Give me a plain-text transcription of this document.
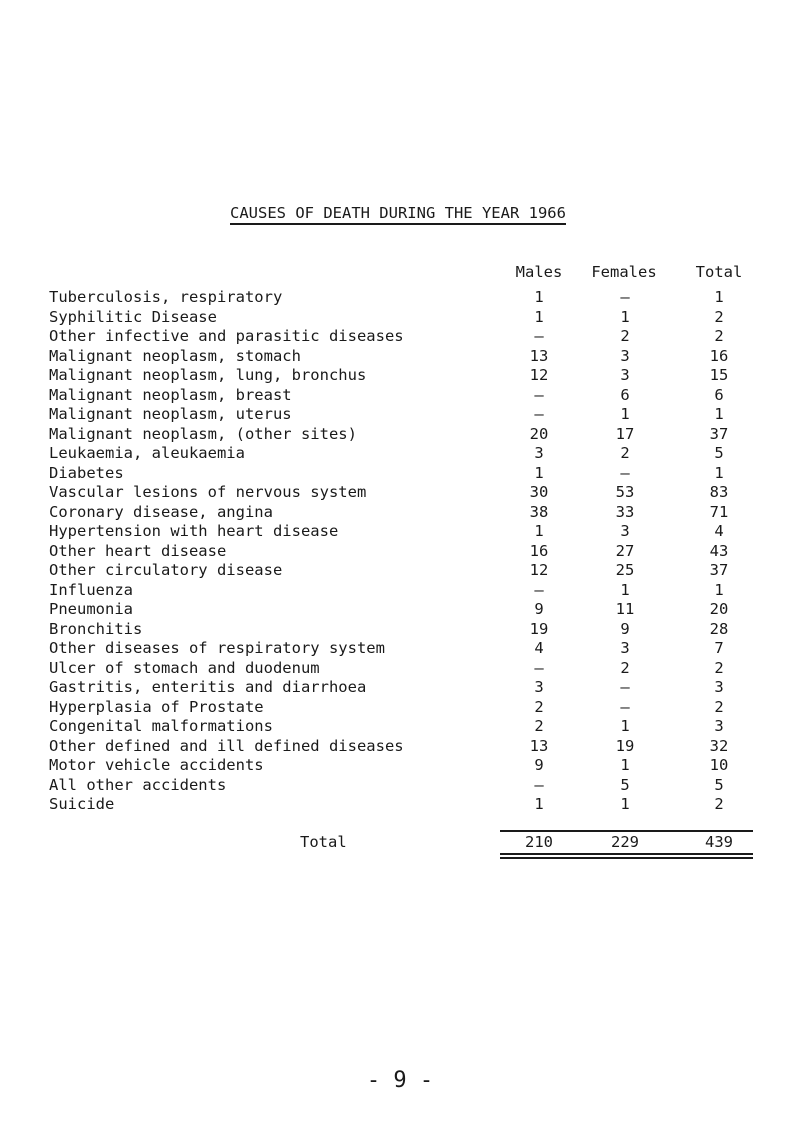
CAUSES OF DEATH DURING THE YEAR 1966
Males	Females	Total
Tuberculosis, respiratory	1	–	1
Syphilitic Disease	1	1	2
Other infective and parasitic diseases	–	2	2
Malignant neoplasm, stomach	13	3	16
Malignant neoplasm, lung, bronchus	12	3	15
Malignant neoplasm, breast	–	6	6
Malignant neoplasm, uterus	–	1	1
Malignant neoplasm, (other sites)	20	17	37
Leukaemia, aleukaemia	3	2	5
Diabetes	1	–	1
Vascular lesions of nervous system	30	53	83
Coronary disease, angina	38	33	71
Hypertension with heart disease	1	3	4
Other heart disease	16	27	43
Other circulatory disease	12	25	37
Influenza	–	1	1
Pneumonia	9	11	20
Bronchitis	19	9	28
Other diseases of respiratory system	4	3	7
Ulcer of stomach and duodenum	–	2	2
Gastritis, enteritis and diarrhoea	3	–	3
Hyperplasia of Prostate	2	–	2
Congenital malformations	2	1	3
Other defined and ill defined diseases	13	19	32
Motor vehicle accidents	9	1	10
All other accidents	–	5	5
Suicide	1	1	2
Total	210	229	439
- 9 -
